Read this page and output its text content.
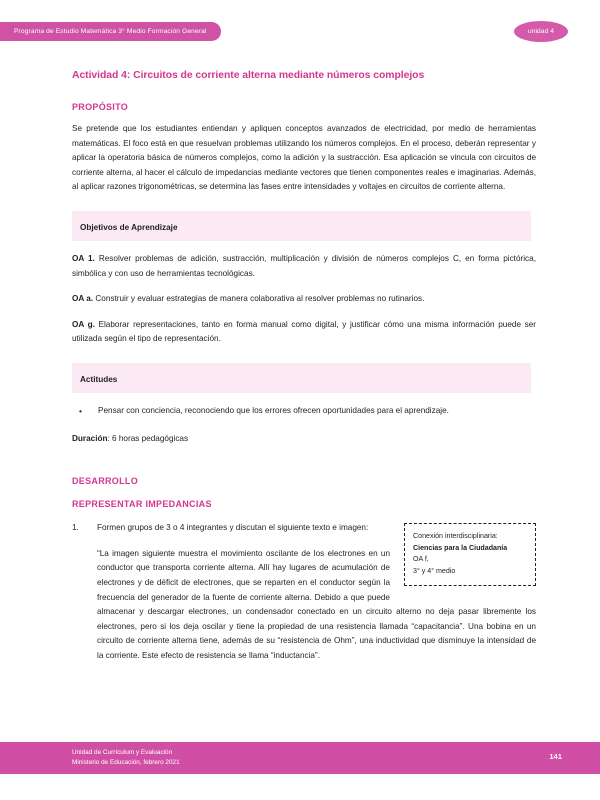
Programa de Estudio Matemática 3° Medio Formación General	unidad 4
Actividad 4: Circuitos de corriente alterna mediante números complejos
PROPÓSITO

Se pretende que los estudiantes entiendan y apliquen conceptos avanzados de electricidad, por medio de herramientas matemáticas. El foco está en que resuelvan problemas utilizando los números complejos. En el proceso, deberán representar y aplicar la operatoria básica de números complejos, como la adición y la sustracción. Esa aplicación se vincula con circuitos de corriente alterna, al hacer el cálculo de impedancias mediante vectores que tienen componentes reales e imaginarias. Además, al aplicar razones trigonométricas, se determina las fases entre intensidades y voltajes en circuitos de corriente alterna.

Objetivos de Aprendizaje

OA 1. Resolver problemas de adición, sustracción, multiplicación y división de números complejos C, en forma pictórica, simbólica y con uso de herramientas tecnológicas.

OA a. Construir y evaluar estrategias de manera colaborativa al resolver problemas no rutinarios.

OA g. Elaborar representaciones, tanto en forma manual como digital, y justificar cómo una misma información puede ser utilizada según el tipo de representación.

Actitudes
•	Pensar con conciencia, reconociendo que los errores ofrecen oportunidades para el aprendizaje.

Duración: 6 horas pedagógicas

DESARROLLO
REPRESENTAR IMPEDANCIAS
Conexión interdisciplinaria:
Ciencias para la Ciudadanía
OA f,
3° y 4° medio
1.	Formen grupos de 3 o 4 integrantes y discutan el siguiente texto e imagen:

“La imagen siguiente muestra el movimiento oscilante de los electrones en un conductor que transporta corriente alterna. Allí hay lugares de acumulación de electrones y de déficit de electrones, que se reparten en el conductor según la frecuencia del generador de la fuente de corriente alterna. Debido a que puede almacenar y descargar electrones, un condensador conectado en un circuito alterno no deja pasar libremente los electrones, pero si los deja oscilar y tiene la propiedad de una resistencia llamada “capacitancia”. Una bobina en un circuito de corriente alterna tiene, además de su “resistencia de Ohm”, una inductividad que disminuye la intensidad de la corriente. Este efecto de resistencia se llama “inductancia”.

Unidad de Currículum y Evaluación
Ministerio de Educación, febrero 2021
141
